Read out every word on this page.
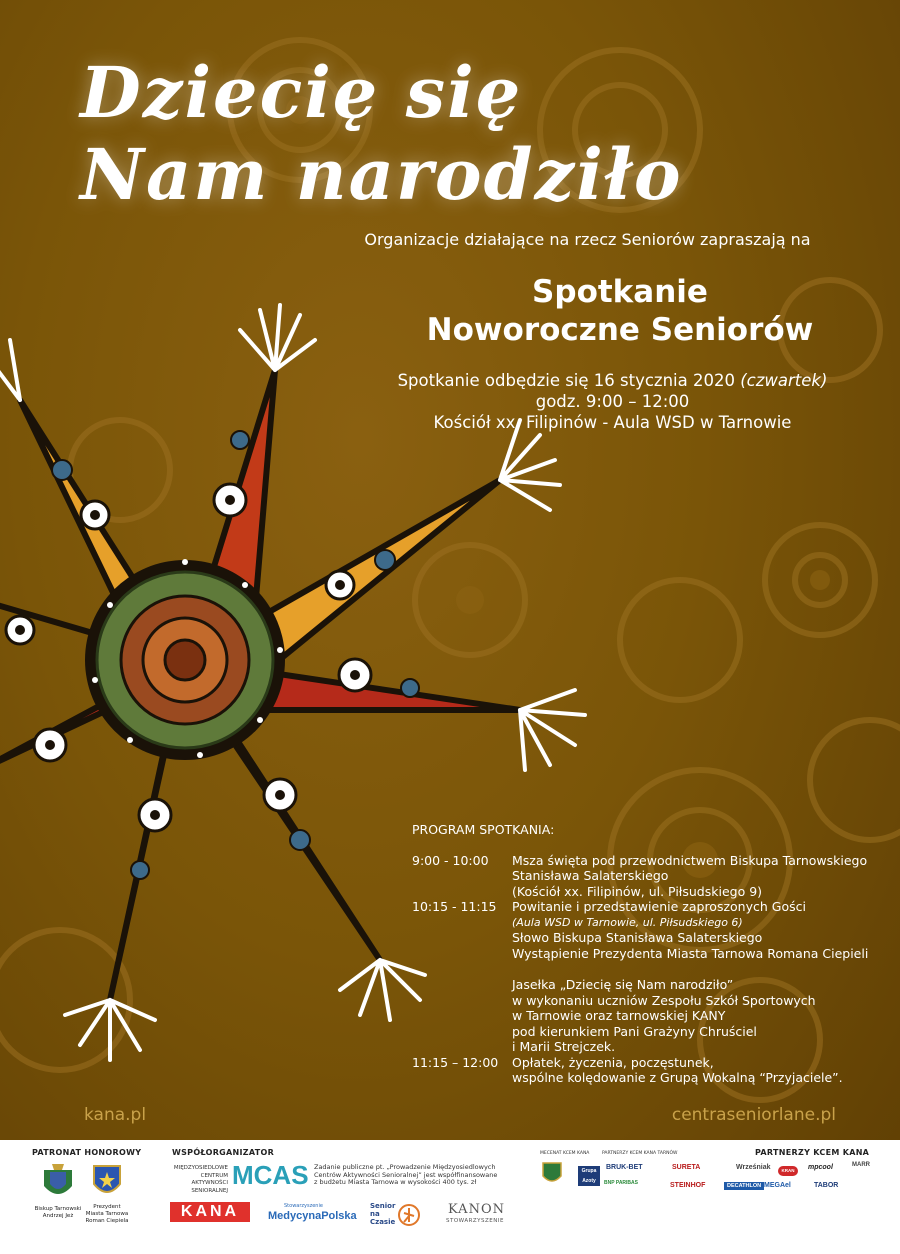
Dziecię się
Nam narodziło
Organizacje działające na rzecz Seniorów zapraszają na
Spotkanie
Noworoczne Seniorów
Spotkanie odbędzie się 16 stycznia 2020 (czwartek)
godz. 9:00 – 12:00
Kościół xx. Filipinów - Aula WSD w Tarnowie
PROGRAM SPOTKANIA:
9:00 - 10:00	Msza święta pod przewodnictwem Biskupa Tarnowskiego
Stanisława Salaterskiego
(Kościół xx. Filipinów, ul. Piłsudskiego 9)
10:15 - 11:15	Powitanie i przedstawienie zaproszonych Gości
(Aula WSD w Tarnowie, ul. Piłsudskiego 6)
Słowo Biskupa Stanisława Salaterskiego
Wystąpienie Prezydenta Miasta Tarnowa Romana Ciepieli
Jasełka „Dziecię się Nam narodziło”
w wykonaniu uczniów Zespołu Szkół Sportowych
w Tarnowie oraz tarnowskiej KANY
pod kierunkiem Pani Grażyny Chruściel
i Marii Strejczek.
11:15 – 12:00	Opłatek, życzenia, poczęstunek,
wspólne kolędowanie z Grupą Wokalną “Przyjaciele”.
kana.pl	centraseniorlane.pl
PATRONAT HONOROWY
Biskup Tarnowski
Andrzej Jeż
Prezydent
Miasta Tarnowa
Roman Ciepiela
WSPÓŁORGANIZATOR
MIĘDZYOSIEDLOWE
CENTRUM AKTYWNOŚCI
SENIORALNEJ
MCAS Zadanie publiczne pt. „Prowadzenie Międzyosiedlowych
Centrów Aktywności Senioralnej” jest współfinansowane
z budżetu Miasta Tarnowa w wysokości 400 tys. zł
KANA	Stowarzyszenie
MedycynaPolska
Senior
na
Czasie
KANON
STOWARZYSZENIE
PARTNERZY KCEM KANA
MECENAT KCEM KANA	PARTNERZY KCEM KANA TARNÓW
Grupa Azoty
BRUK-BET
BNP PARIBAS
SURETA
STEINHOF
Wrześniak
DECATHLON
KRAN
MEGAel
mpcool
TABOR
MARR
